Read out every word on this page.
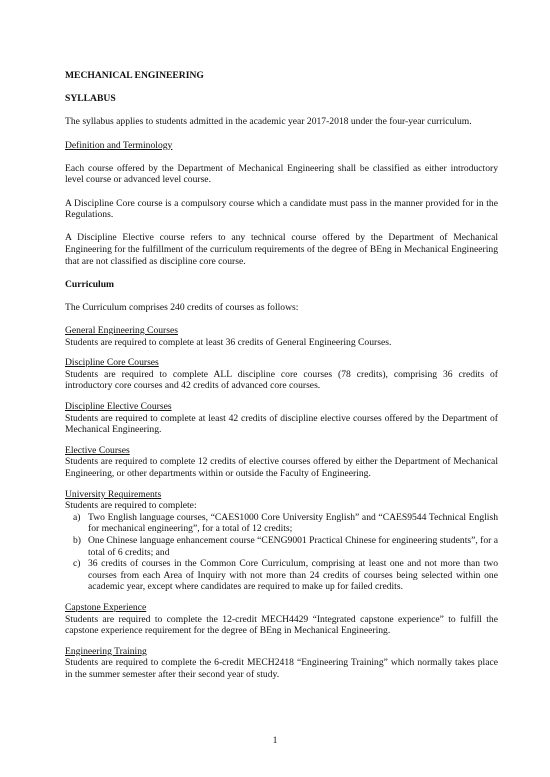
MECHANICAL ENGINEERING

SYLLABUS

The syllabus applies to students admitted in the academic year 2017-2018 under the four-year curriculum.

Definition and Terminology

Each course offered by the Department of Mechanical Engineering shall be classified as either introductory level course or advanced level course.

A Discipline Core course is a compulsory course which a candidate must pass in the manner provided for in the Regulations.

A Discipline Elective course refers to any technical course offered by the Department of Mechanical Engineering for the fulfillment of the curriculum requirements of the degree of BEng in Mechanical Engineering that are not classified as discipline core course.

Curriculum

The Curriculum comprises 240 credits of courses as follows:

General Engineering Courses

Students are required to complete at least 36 credits of General Engineering Courses.

Discipline Core Courses

Students are required to complete ALL discipline core courses (78 credits), comprising 36 credits of introductory core courses and 42 credits of advanced core courses.

Discipline Elective Courses

Students are required to complete at least 42 credits of discipline elective courses offered by the Department of Mechanical Engineering.

Elective Courses

Students are required to complete 12 credits of elective courses offered by either the Department of Mechanical Engineering, or other departments within or outside the Faculty of Engineering.

University Requirements

Students are required to complete:

a) Two English language courses, “CAES1000 Core University English” and “CAES9544 Technical English for mechanical engineering”, for a total of 12 credits;
b) One Chinese language enhancement course “CENG9001 Practical Chinese for engineering students”, for a total of 6 credits; and
c) 36 credits of courses in the Common Core Curriculum, comprising at least one and not more than two courses from each Area of Inquiry with not more than 24 credits of courses being selected within one academic year, except where candidates are required to make up for failed credits.

Capstone Experience

Students are required to complete the 12-credit MECH4429 “Integrated capstone experience” to fulfill the capstone experience requirement for the degree of BEng in Mechanical Engineering.

Engineering Training

Students are required to complete the 6-credit MECH2418 “Engineering Training” which normally takes place in the summer semester after their second year of study.

1
